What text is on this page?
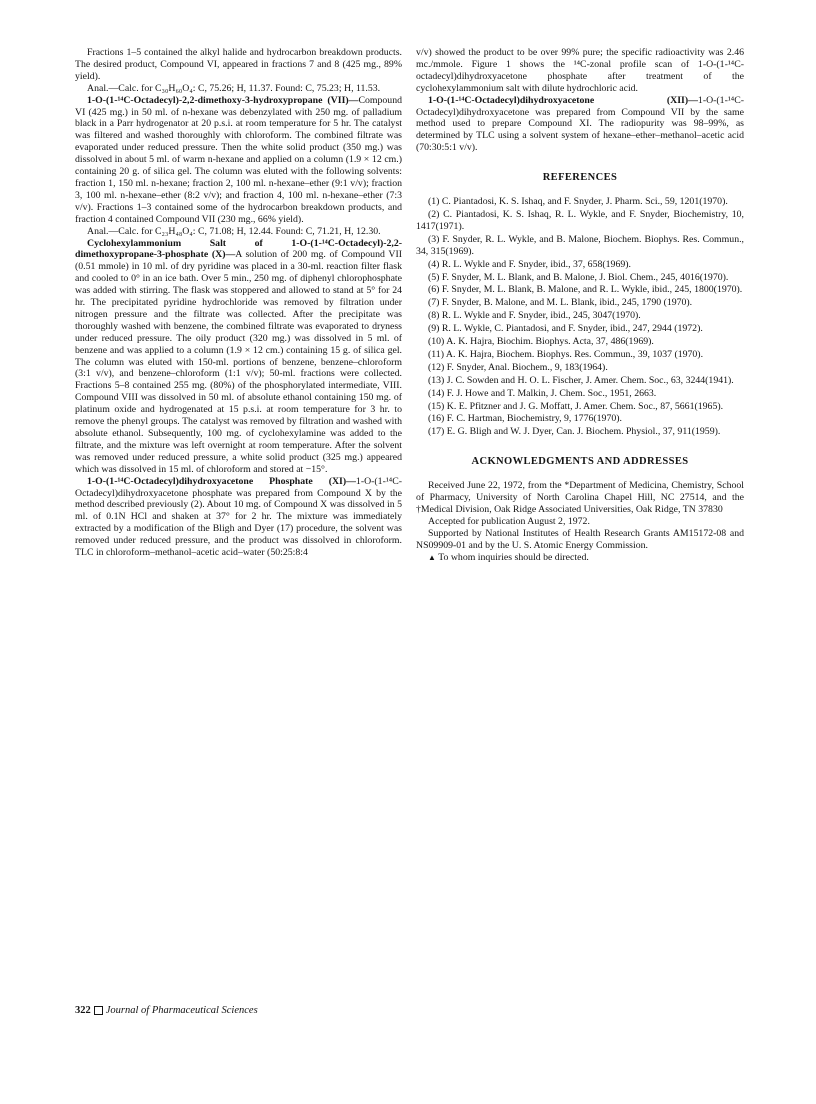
Fractions 1–5 contained the alkyl halide and hydrocarbon breakdown products. The desired product, Compound VI, appeared in fractions 7 and 8 (425 mg., 89% yield).

Anal.—Calc. for C₃₀H₆₀O₄: C, 75.26; H, 11.37. Found: C, 75.23; H, 11.53.

1-O-(1-¹⁴C-Octadecyl)-2,2-dimethoxy-3-hydroxypropane (VII)—Compound VI (425 mg.) in 50 ml. of n-hexane was debenzylated with 250 mg. of palladium black in a Parr hydrogenator at 20 p.s.i. at room temperature for 5 hr. The catalyst was filtered and washed thoroughly with chloroform. The combined filtrate was evaporated under reduced pressure. Then the white solid product (350 mg.) was dissolved in about 5 ml. of warm n-hexane and applied on a column (1.9 × 12 cm.) containing 20 g. of silica gel. The column was eluted with the following solvents: fraction 1, 150 ml. n-hexane; fraction 2, 100 ml. n-hexane–ether (9:1 v/v); fraction 3, 100 ml. n-hexane–ether (8:2 v/v); and fraction 4, 100 ml. n-hexane–ether (7:3 v/v). Fractions 1–3 contained some of the hydrocarbon breakdown products, and fraction 4 contained Compound VII (230 mg., 66% yield).

Anal.—Calc. for C₂₃H₄₈O₄: C, 71.08; H, 12.44. Found: C, 71.21, H, 12.30.

Cyclohexylammonium Salt of 1-O-(1-¹⁴C-Octadecyl)-2,2-dimethoxypropane-3-phosphate (X)—A solution of 200 mg. of Compound VII (0.51 mmole) in 10 ml. of dry pyridine was placed in a 30-ml. reaction filter flask and cooled to 0° in an ice bath. Over 5 min., 250 mg. of diphenyl chlorophosphate was added with stirring. The flask was stoppered and allowed to stand at 5° for 24 hr. The precipitated pyridine hydrochloride was removed by filtration under nitrogen pressure and the filtrate was collected. After the precipitate was thoroughly washed with benzene, the combined filtrate was evaporated to dryness under reduced pressure. The oily product (320 mg.) was dissolved in 5 ml. of benzene and was applied to a column (1.9 × 12 cm.) containing 15 g. of silica gel. The column was eluted with 150-ml. portions of benzene, benzene–chloroform (3:1 v/v), and benzene–chloroform (1:1 v/v); 50-ml. fractions were collected. Fractions 5–8 contained 255 mg. (80%) of the phosphorylated intermediate, VIII. Compound VIII was dissolved in 50 ml. of absolute ethanol containing 150 mg. of platinum oxide and hydrogenated at 15 p.s.i. at room temperature for 3 hr. to remove the phenyl groups. The catalyst was removed by filtration and washed with absolute ethanol. Subsequently, 100 mg. of cyclohexylamine was added to the filtrate, and the mixture was left overnight at room temperature. After the solvent was removed under reduced pressure, a white solid product (325 mg.) appeared which was dissolved in 15 ml. of chloroform and stored at −15°.

1-O-(1-¹⁴C-Octadecyl)dihydroxyacetone Phosphate (XI)—1-O-(1-¹⁴C-Octadecyl)dihydroxyacetone phosphate was prepared from Compound X by the method described previously (2). About 10 mg. of Compound X was dissolved in 5 ml. of 0.1N HCl and shaken at 37° for 2 hr. The mixture was immediately extracted by a modification of the Bligh and Dyer (17) procedure, the solvent was removed under reduced pressure, and the product was dissolved in chloroform. TLC in chloroform–methanol–acetic acid–water (50:25:8:4

v/v) showed the product to be over 99% pure; the specific radioactivity was 2.46 mc./mmole. Figure 1 shows the ¹⁴C-zonal profile scan of 1-O-(1-¹⁴C-octadecyl)dihydroxyacetone phosphate after treatment of the cyclohexylammonium salt with dilute hydrochloric acid.

1-O-(1-¹⁴C-Octadecyl)dihydroxyacetone (XII)—1-O-(1-¹⁴C-Octadecyl)dihydroxyacetone was prepared from Compound VII by the same method used to prepare Compound XI. The radiopurity was 98–99%, as determined by TLC using a solvent system of hexane–ether–methanol–acetic acid (70:30:5:1 v/v).

REFERENCES

(1) C. Piantadosi, K. S. Ishaq, and F. Snyder, J. Pharm. Sci., 59, 1201(1970).

(2) C. Piantadosi, K. S. Ishaq, R. L. Wykle, and F. Snyder, Biochemistry, 10, 1417(1971).

(3) F. Snyder, R. L. Wykle, and B. Malone, Biochem. Biophys. Res. Commun., 34, 315(1969).

(4) R. L. Wykle and F. Snyder, ibid., 37, 658(1969).

(5) F. Snyder, M. L. Blank, and B. Malone, J. Biol. Chem., 245, 4016(1970).

(6) F. Snyder, M. L. Blank, B. Malone, and R. L. Wykle, ibid., 245, 1800(1970).

(7) F. Snyder, B. Malone, and M. L. Blank, ibid., 245, 1790 (1970).

(8) R. L. Wykle and F. Snyder, ibid., 245, 3047(1970).

(9) R. L. Wykle, C. Piantadosi, and F. Snyder, ibid., 247, 2944 (1972).

(10) A. K. Hajra, Biochim. Biophys. Acta, 37, 486(1969).

(11) A. K. Hajra, Biochem. Biophys. Res. Commun., 39, 1037 (1970).

(12) F. Snyder, Anal. Biochem., 9, 183(1964).

(13) J. C. Sowden and H. O. L. Fischer, J. Amer. Chem. Soc., 63, 3244(1941).

(14) F. J. Howe and T. Malkin, J. Chem. Soc., 1951, 2663.

(15) K. E. Pfitzner and J. G. Moffatt, J. Amer. Chem. Soc., 87, 5661(1965).

(16) F. C. Hartman, Biochemistry, 9, 1776(1970).

(17) E. G. Bligh and W. J. Dyer, Can. J. Biochem. Physiol., 37, 911(1959).

ACKNOWLEDGMENTS AND ADDRESSES

Received June 22, 1972, from the *Department of Medicina, Chemistry, School of Pharmacy, University of North Carolina Chapel Hill, NC 27514, and the †Medical Division, Oak Ridge Associated Universities, Oak Ridge, TN 37830

Accepted for publication August 2, 1972.

Supported by National Institutes of Health Research Grants AM15172-08 and NS09909-01 and by the U. S. Atomic Energy Commission.

▲ To whom inquiries should be directed.

322 Journal of Pharmaceutical Sciences
